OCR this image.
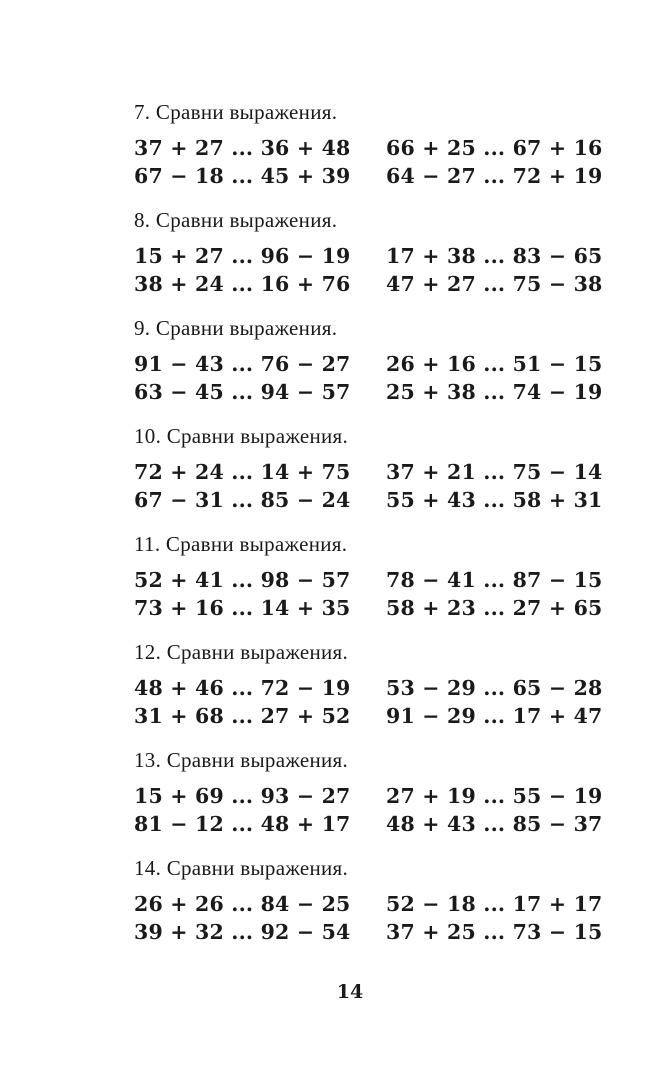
7. Сравни выражения.
37 + 27 ... 36 + 48	66 + 25 ... 67 + 16
67 − 18 ... 45 + 39	64 − 27 ... 72 + 19
8. Сравни выражения.
15 + 27 ... 96 − 19	17 + 38 ... 83 − 65
38 + 24 ... 16 + 76	47 + 27 ... 75 − 38
9. Сравни выражения.
91 − 43 ... 76 − 27	26 + 16 ... 51 − 15
63 − 45 ... 94 − 57	25 + 38 ... 74 − 19
10. Сравни выражения.
72 + 24 ... 14 + 75	37 + 21 ... 75 − 14
67 − 31 ... 85 − 24	55 + 43 ... 58 + 31
11. Сравни выражения.
52 + 41 ... 98 − 57	78 − 41 ... 87 − 15
73 + 16 ... 14 + 35	58 + 23 ... 27 + 65
12. Сравни выражения.
48 + 46 ... 72 − 19	53 − 29 ... 65 − 28
31 + 68 ... 27 + 52	91 − 29 ... 17 + 47
13. Сравни выражения.
15 + 69 ... 93 − 27	27 + 19 ... 55 − 19
81 − 12 ... 48 + 17	48 + 43 ... 85 − 37
14. Сравни выражения.
26 + 26 ... 84 − 25	52 − 18 ... 17 + 17
39 + 32 ... 92 − 54	37 + 25 ... 73 − 15
14
